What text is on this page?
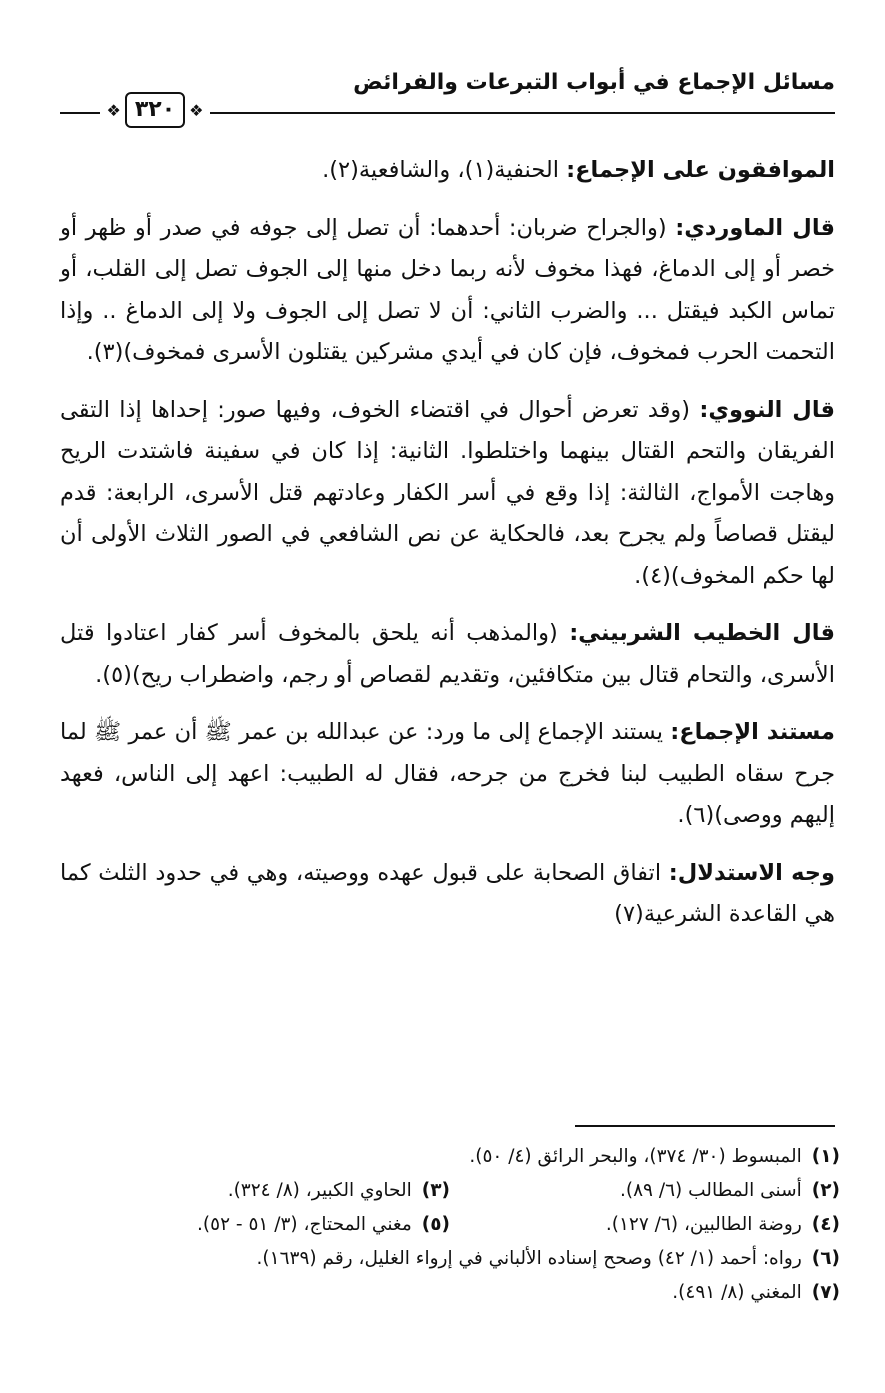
مسائل الإجماع في أبواب التبرعات والفرائض
❖ ٣٢٠ ❖

الموافقون على الإجماع: الحنفية(١)، والشافعية(٢).

قال الماوردي: (والجراح ضربان: أحدهما: أن تصل إلى جوفه في صدر أو ظهر أو خصر أو إلى الدماغ، فهذا مخوف لأنه ربما دخل منها إلى الجوف تصل إلى القلب، أو تماس الكبد فيقتل ... والضرب الثاني: أن لا تصل إلى الجوف ولا إلى الدماغ .. وإذا التحمت الحرب فمخوف، فإن كان في أيدي مشركين يقتلون الأسرى فمخوف)(٣).

قال النووي: (وقد تعرض أحوال في اقتضاء الخوف، وفيها صور: إحداها إذا التقى الفريقان والتحم القتال بينهما واختلطوا. الثانية: إذا كان في سفينة فاشتدت الريح وهاجت الأمواج، الثالثة: إذا وقع في أسر الكفار وعادتهم قتل الأسرى، الرابعة: قدم ليقتل قصاصاً ولم يجرح بعد، فالحكاية عن نص الشافعي في الصور الثلاث الأولى أن لها حكم المخوف)(٤).

قال الخطيب الشربيني: (والمذهب أنه يلحق بالمخوف أسر كفار اعتادوا قتل الأسرى، والتحام قتال بين متكافئين، وتقديم لقصاص أو رجم، واضطراب ريح)(٥).

مستند الإجماع: يستند الإجماع إلى ما ورد: عن عبدالله بن عمر ﷺ أن عمر ﷺ لما جرح سقاه الطبيب لبنا فخرج من جرحه، فقال له الطبيب: اعهد إلى الناس، فعهد إليهم ووصى)(٦).

وجه الاستدلال: اتفاق الصحابة على قبول عهده ووصيته، وهي في حدود الثلث كما هي القاعدة الشرعية(٧)

(١)المبسوط (٣٠/ ٣٧٤)، والبحر الرائق (٤/ ٥٠).
(٢)أسنى المطالب (٦/ ٨٩).
(٣)الحاوي الكبير، (٨/ ٣٢٤).
(٤)روضة الطالبين، (٦/ ١٢٧).
(٥)مغني المحتاج، (٣/ ٥١ - ٥٢).
(٦)رواه: أحمد (١/ ٤٢) وصحح إسناده الألباني في إرواء الغليل، رقم (١٦٣٩).
(٧)المغني (٨/ ٤٩١).
